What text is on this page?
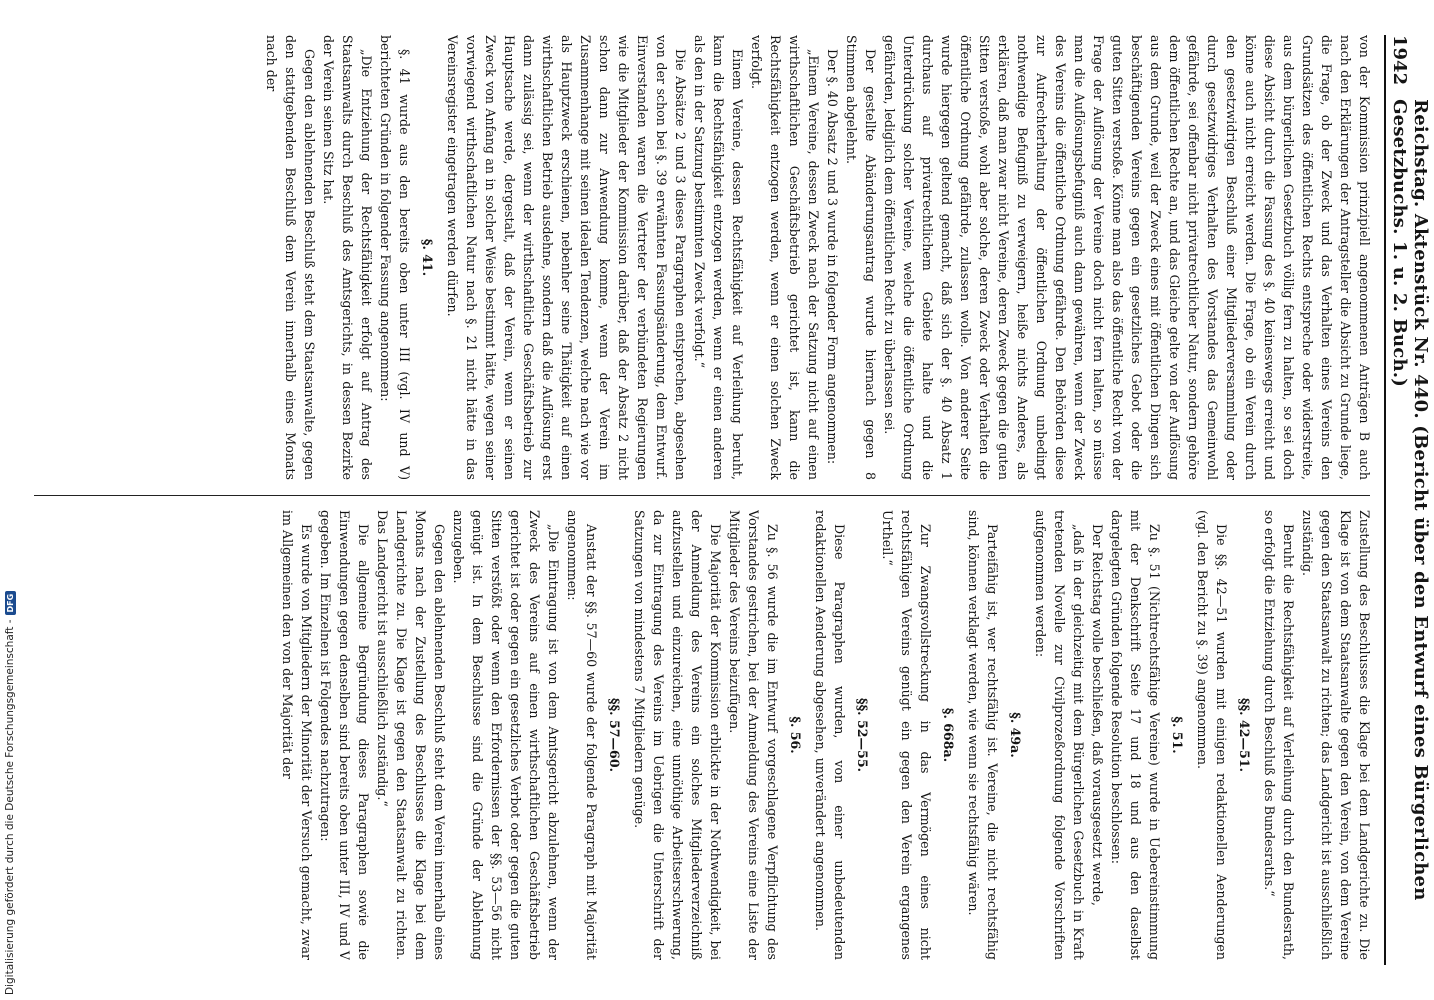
1942
Reichstag. Aktenstück Nr. 440. (Bericht über den Entwurf eines Bürgerlichen Gesetzbuchs. 1. u. 2. Buch.)

von der Kommission prinzipiell angenommenen Anträgen B auch nach den Erklärungen der Antragsteller die Absicht zu Grunde liege, die Frage, ob der Zweck und das Verhalten eines Vereins den Grundsätzen des öffentlichen Rechts entspreche oder widerstreite, aus dem bürgerlichen Gesetzbuch völlig fern zu halten, so sei doch diese Absicht durch die Fassung des §. 40 keineswegs erreicht und könne auch nicht erreicht werden. Die Frage, ob ein Verein durch den gesetzwidrigen Beschluß einer Mitgliederversammlung oder durch gesetzwidriges Verhalten des Vorstandes das Gemeinwohl gefährde, sei offenbar nicht privatrechtlicher Natur, sondern gehöre dem öffentlichen Rechte an, und das Gleiche gelte von der Auflösung aus dem Grunde, weil der Zweck eines mit öffentlichen Dingen sich beschäftigenden Vereins gegen ein gesetzliches Gebot oder die guten Sitten verstoße. Könne man also das öffentliche Recht von der Frage der Auflösung der Vereine doch nicht fern halten, so müsse man die Auflösungsbefugniß auch dann gewähren, wenn der Zweck des Vereins die öffentliche Ordnung gefährde. Den Behörden diese zur Aufrechterhaltung der öffentlichen Ordnung unbedingt nothwendige Befugniß zu verweigern, heiße nichts Anderes, als erklären, daß man zwar nicht Vereine, deren Zweck gegen die guten Sitten verstoße, wohl aber solche, deren Zweck oder Verhalten die öffentliche Ordnung gefährde, zulassen wolle. Von anderer Seite wurde hiergegen geltend gemacht, daß sich der §. 40 Absatz 1 durchaus auf privatrechtlichem Gebiete halte und die Unterdrückung solcher Vereine, welche die öffentliche Ordnung gefährden, lediglich dem öffentlichen Recht zu überlassen sei.

Der gestellte Abänderungsantrag wurde hiernach gegen 8 Stimmen abgelehnt.

Der §. 40 Absatz 2 und 3 wurde in folgender Form angenommen:

„Einem Vereine, dessen Zweck nach der Satzung nicht auf einen wirthschaftlichen Geschäftsbetrieb gerichtet ist, kann die Rechtsfähigkeit entzogen werden, wenn er einen solchen Zweck verfolgt.

Einem Vereine, dessen Rechtsfähigkeit auf Verleihung beruht, kann die Rechtsfähigkeit entzogen werden, wenn er einen anderen als den in der Satzung bestimmten Zweck verfolgt.“

Die Absätze 2 und 3 dieses Paragraphen entsprechen, abgesehen von der schon bei §. 39 erwähnten Fassungsänderung, dem Entwurf. Einverstanden waren die Vertreter der verbündeten Regierungen wie die Mitglieder der Kommission darüber, daß der Absatz 2 nicht schon dann zur Anwendung komme, wenn der Verein im Zusammenhange mit seinen idealen Tendenzen, welche nach wie vor als Hauptzweck erschienen, nebenher seine Thätigkeit auf einen wirthschaftlichen Betrieb ausdehne, sondern daß die Auflösung erst dann zulässig sei, wenn der wirthschaftliche Geschäftsbetrieb zur Hauptsache werde, dergestalt, daß der Verein, wenn er seinen Zweck von Anfang an in solcher Weise bestimmt hätte, wegen seiner vorwiegend wirthschaftlichen Natur nach §. 21 nicht hätte in das Vereinsregister eingetragen werden dürfen.

§. 41.

§. 41 wurde aus den bereits oben unter III (vgl. IV und V) berichteten Gründen in folgender Fassung angenommen:

„Die Entziehung der Rechtsfähigkeit erfolgt auf Antrag des Staatsanwalts durch Beschluß des Amtsgerichts, in dessen Bezirke der Verein seinen Sitz hat.

Gegen den ablehnenden Beschluß steht dem Staatsanwalte, gegen den stattgebenden Beschluß dem Verein innerhalb eines Monats nach der

Zustellung des Beschlusses die Klage bei dem Landgerichte zu. Die Klage ist von dem Staatsanwalte gegen den Verein, von dem Vereine gegen den Staatsanwalt zu richten; das Landgericht ist ausschließlich zuständig.

Beruht die Rechtsfähigkeit auf Verleihung durch den Bundesrath, so erfolgt die Entziehung durch Beschluß des Bundesraths.“

§§. 42—51.

Die §§. 42—51 wurden mit einigen redaktionellen Aenderungen (vgl. den Bericht zu §. 39) angenommen.

§. 51.

Zu §. 51 (Nichtrechtsfähige Vereine) wurde in Uebereinstimmung mit der Denkschrift Seite 17 und 18 und aus den daselbst dargelegten Gründen folgende Resolution beschlossen:

Der Reichstag wolle beschließen, daß vorausgesetzt werde,

„daß in der gleichzeitig mit dem Bürgerlichen Gesetzbuch in Kraft tretenden Novelle zur Civilprozeßordnung folgende Vorschriften aufgenommen werden:

§. 49a.

Parteifähig ist, wer rechtsfähig ist. Vereine, die nicht rechtsfähig sind, können verklagt werden, wie wenn sie rechtsfähig wären.

§. 668a.

Zur Zwangsvollstreckung in das Vermögen eines nicht rechtsfähigen Vereins genügt ein gegen den Verein ergangenes Urtheil.“

§§. 52—55.

Diese Paragraphen wurden, von einer unbedeutenden redaktionellen Aenderung abgesehen, unverändert angenommen.

§. 56.

Zu §. 56 wurde die im Entwurf vorgeschlagene Verpflichtung des Vorstandes gestrichen, bei der Anmeldung des Vereins eine Liste der Mitglieder des Vereins beizufügen.

Die Majorität der Kommission erblickte in der Nothwendigkeit, bei der Anmeldung des Vereins ein solches Mitgliederverzeichniß aufzustellen und einzureichen, eine unnöthige Arbeitserschwerung, da zur Eintragung des Vereins im Uebrigen die Unterschrift der Satzungen von mindestens 7 Mitgliedern genüge.

§§. 57—60.

Anstatt der §§. 57—60 wurde der folgende Paragraph mit Majorität angenommen:

„Die Eintragung ist von dem Amtsgericht abzulehnen, wenn der Zweck des Vereins auf einen wirthschaftlichen Geschäftsbetrieb gerichtet ist oder gegen ein gesetzliches Verbot oder gegen die guten Sitten verstößt oder wenn den Erfordernissen der §§. 53—56 nicht genügt ist. In dem Beschlusse sind die Gründe der Ablehnung anzugeben.

Gegen den ablehnenden Beschluß steht dem Verein innerhalb eines Monats nach der Zustellung des Beschlusses die Klage bei dem Landgerichte zu. Die Klage ist gegen den Staatsanwalt zu richten. Das Landgericht ist ausschließlich zuständig.“

Die allgemeine Begründung dieses Paragraphen sowie die Einwendungen gegen denselben sind bereits oben unter III, IV und V gegeben. Im Einzelnen ist Folgendes nachzutragen:

Es wurde von Mitgliedern der Minorität der Versuch gemacht, zwar im Allgemeinen den von der Majorität der

Digitalisierung gefördert durch die Deutsche Forschungsgemeinschaft -DFG
